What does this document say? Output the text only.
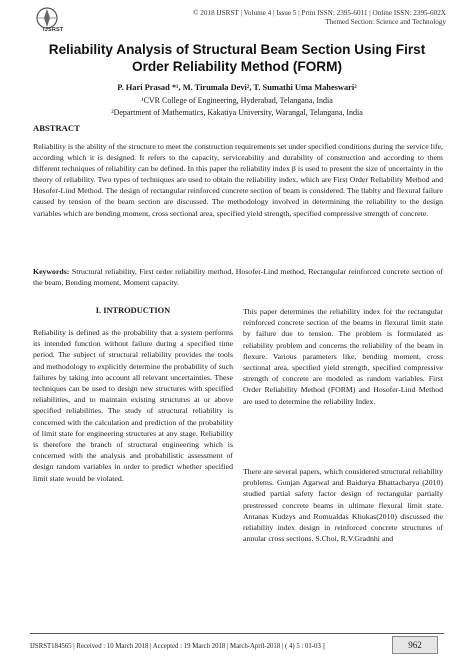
IJSRST
© 2018 IJSRST | Volume 4 | Issue 5 | Print ISSN: 2395-6011 | Online ISSN: 2395-602X
Themed Section: Science and Technology
Reliability Analysis of Structural Beam Section Using First
Order Reliability Method (FORM)
P. Hari Prasad *¹, M. Tirumala Devi², T. Sumathi Uma Maheswari²
¹CVR College of Engineering, Hyderabad, Telangana, India
²Department of Mathematics, Kakatiya University, Warangal, Telangana, India
ABSTRACT
Reliability is the ability of the structure to meet the construction requirements set under specified conditions during the service life, according which it is designed. It refers to the capacity, serviceability and durability of construction and according to them different techniques of reliability can be defined. In this paper the reliability index β is used to present the size of uncertainty in the theory of reliability. Two types of techniques are used to obtain the reliability index, which are First Order Reliability Method and Hosofer-Lind Method. The design of rectangular reinforced concrete section of beam is considered. The llablty and flexural failure caused by tension of the beam section are discussed. The methodology involved in determining the reliability to the design variables which are bending moment, cross sectional area, specified yield strength, specified compressive strength of concrete.
Keywords: Structural reliability, First order reliability method, Hosofer-Lind method, Rectangular reinforced concrete section of the beam, Bending moment, Moment capacity.
I. INTRODUCTION
Reliability is defined as the probability that a system performs its intended function without failure during a specified time period. The subject of structural reliability provides the tools and methodology to explicitly determine the probability of such failures by taking into account all relevant uncertainties. These techniques can be used to design new structures with specified reliabilities, and to maintain existing structures at or above specified reliabilities. The study of structural reliability is concerned with the calculation and prediction of the probability of limit state for engineering structures at any stage. Reliability is therefore the branch of structural engineering which is concerned with the analysis and probabilistic assessment of design random variables in order to predict whether specified limit state would be violated.
This paper determines the reliability index for the rectangular reinforced concrete section of the beams in flexural limit state by failure due to tension. The problem is formulated as reliability problem and concerns the reliability of the beam in flexure. Various parameters like, bending moment, cross sectional area, specified yield strength, specified compressive strength of concrete are modeled as random variables. First Order Reliability Method (FORM) and Hosofer-Lind Method are used to determine the reliability Index.
There are several papers, which considered structural reliability problems. Gunjan Agarwal and Baidurya Bhattacharya (2010) studied partial safety factor design of rectangular partially prestressed concrete beams in ultimate flexural limit state. Antanas Kudzys and Romualdas Kliukas(2010) discussed the reliability index design in reinforced concrete structures of annular cross sections. S.Choi, R.V.Gradnhi and
IJSRST184565 | Received : 10 March 2018 | Accepted : 19 March 2018 | March-April-2018 | ( 4) 5 : 01-03 ]	962
